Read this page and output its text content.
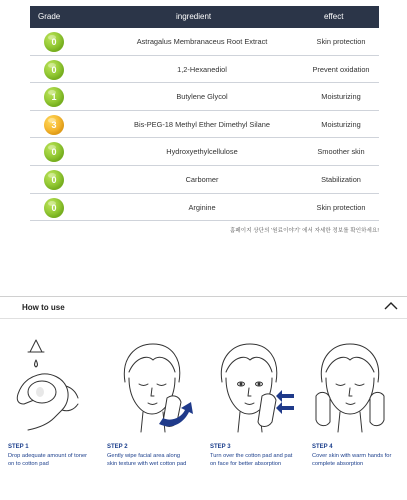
Grade	ingredient	effect
0	Astragalus Membranaceus Root Extract	Skin protection
0	1,2-Hexanediol	Prevent oxidation
1	Butylene Glycol	Moisturizing
3	Bis-PEG-18 Methyl Ether Dimethyl Silane	Moisturizing
0	Hydroxyethylcellulose	Smoother skin
0	Carbomer	Stabilization
0	Arginine	Skin protection
홈페이지 상단의 '원료이야기' 에서 자세한 정보를 확인하세요!
How to use
STEP 1
Drop adequate amount of toner on to cotton pad
STEP 2
Gently wipe facial area along skin texture with wet cotton pad
STEP 3
Turn over the cotton pad and pat on face for better absorption
STEP 4
Cover skin with warm hands for complete absorption
